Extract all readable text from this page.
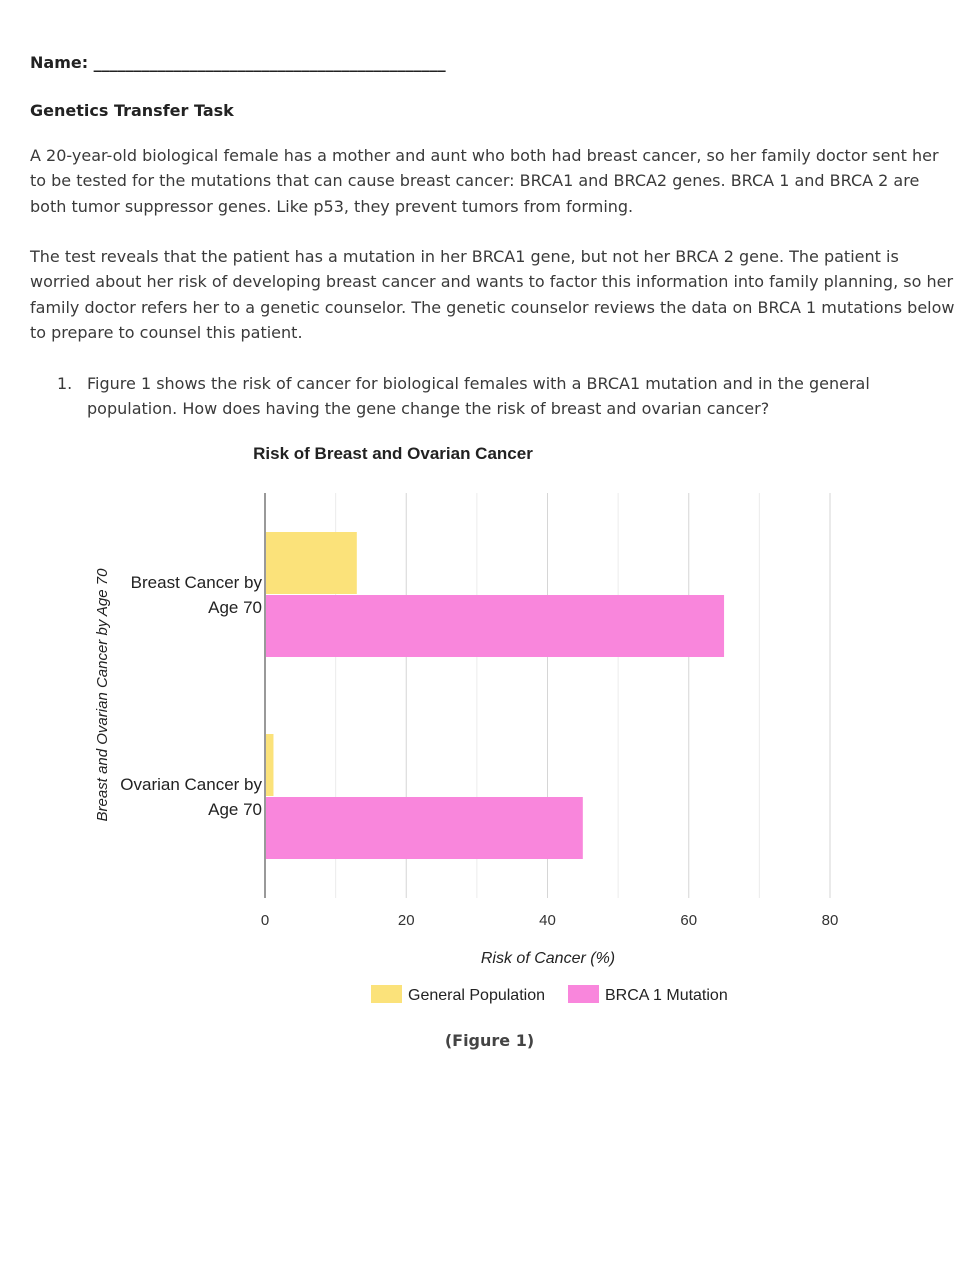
Name: ____________________________________________
Genetics Transfer Task
A 20-year-old biological female has a mother and aunt who both had breast cancer, so her family doctor sent her to be tested for the mutations that can cause breast cancer: BRCA1 and BRCA2 genes. BRCA 1 and BRCA 2 are both tumor suppressor genes. Like p53, they prevent tumors from forming.
The test reveals that the patient has a mutation in her BRCA1 gene, but not her BRCA 2 gene. The patient is worried about her risk of developing breast cancer and wants to factor this information into family planning, so her family doctor refers her to a genetic counselor. The genetic counselor reviews the data on BRCA 1 mutations below to prepare to counsel this patient.
1. Figure 1 shows the risk of cancer for biological females with a BRCA1 mutation and in the general population. How does having the gene change the risk of breast and ovarian cancer?
Risk of Breast and Ovarian Cancer
0	20	40	60	80
Breast Cancer by
Age 70
Ovarian Cancer by
Age 70
Breast and Ovarian Cancer by Age 70
Risk of Cancer (%)
General Population	BRCA 1 Mutation
(Figure 1)
